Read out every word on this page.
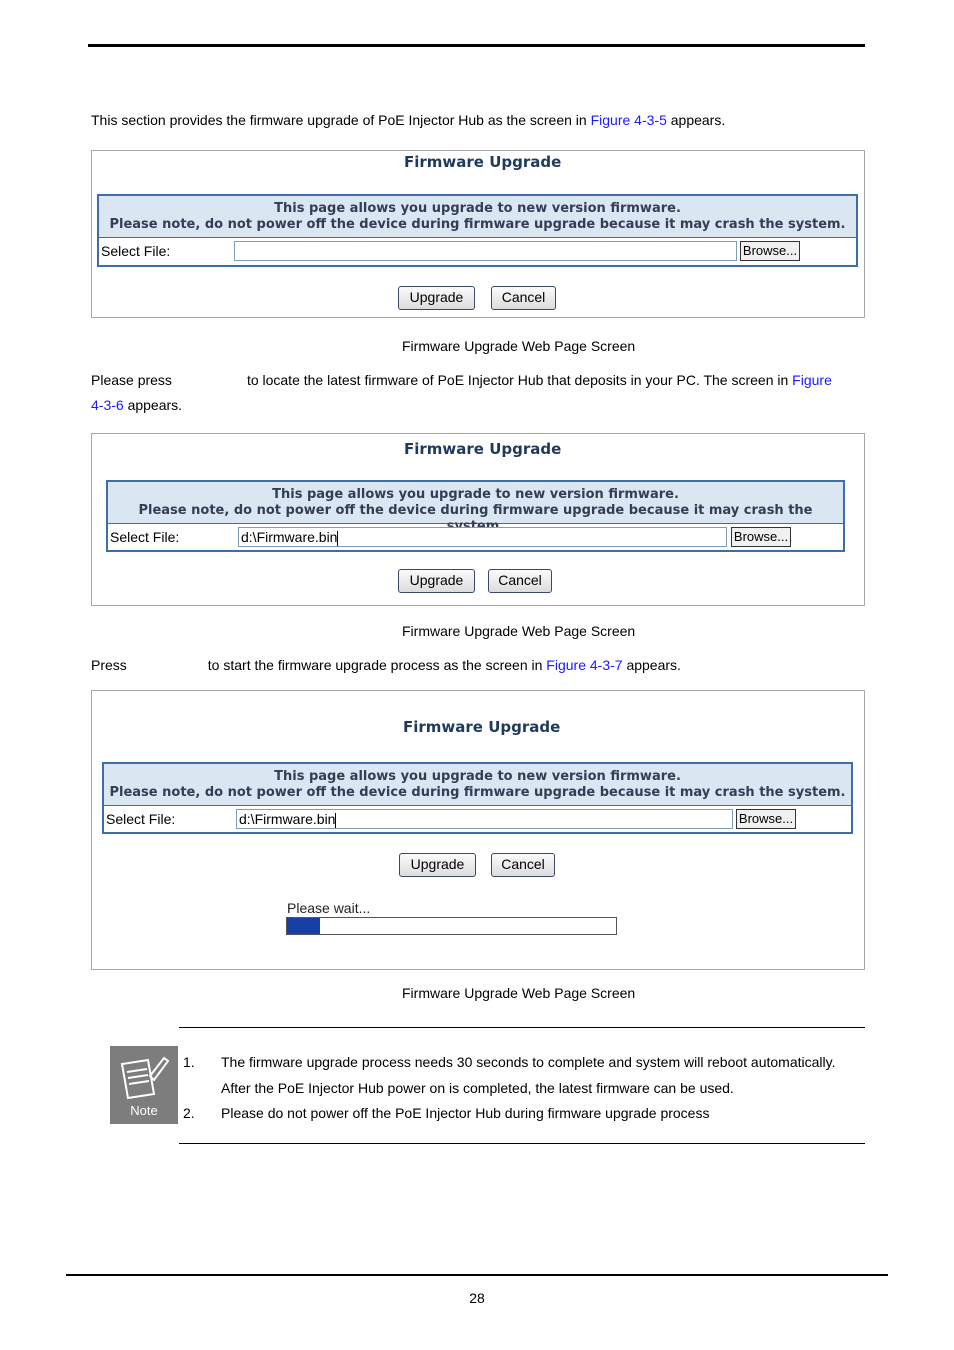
This section provides the firmware upgrade of PoE Injector Hub as the screen in Figure 4-3-5 appears.
Firmware Upgrade
This page allows you upgrade to new version firmware.
Please note, do not power off the device during firmware upgrade because it may crash the system.
Select File:	Browse...
Upgrade	Cancel
Firmware Upgrade Web Page Screen
Please press	to locate the latest firmware of PoE Injector Hub that deposits in your PC. The screen in Figure
4-3-6 appears.
Firmware Upgrade
This page allows you upgrade to new version firmware.
Please note, do not power off the device during firmware upgrade because it may crash the
Select File:	d:\Firmware.bin	Browse...
Upgrade	Cancel
Firmware Upgrade Web Page Screen
Press	to start the firmware upgrade process as the screen in Figure 4-3-7 appears.
Firmware Upgrade
This page allows you upgrade to new version firmware.
Please note, do not power off the device during firmware upgrade because it may crash the system.
Select File:	d:\Firmware.bin	Browse...
Upgrade	Cancel
Please wait...
Firmware Upgrade Web Page Screen
Note
1. The firmware upgrade process needs 30 seconds to complete and system will reboot automatically.
After the PoE Injector Hub power on is completed, the latest firmware can be used.
2. Please do not power off the PoE Injector Hub during firmware upgrade process
28
